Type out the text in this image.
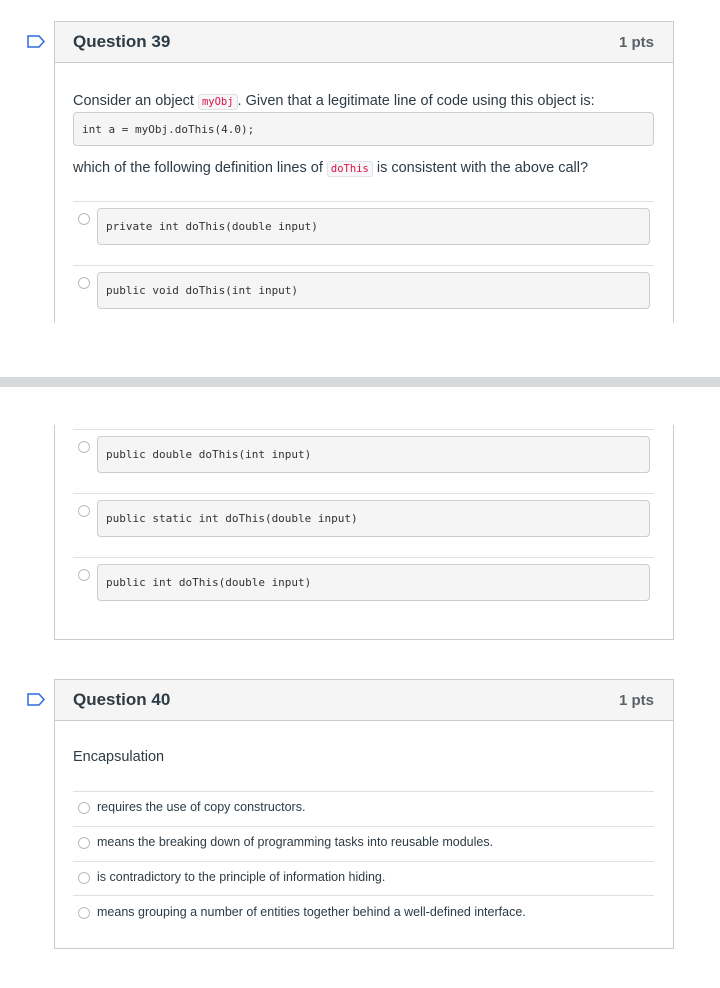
Question 39	1 pts
Consider an object myObj . Given that a legitimate line of code using this object is:
int a = myObj.doThis(4.0);
which of the following definition lines of doThis is consistent with the above call?
private int doThis(double input)
public void doThis(int input)
public double doThis(int input)
public static int doThis(double input)
public int doThis(double input)
Question 40	1 pts
Encapsulation
requires the use of copy constructors.
means the breaking down of programming tasks into reusable modules.
is contradictory to the principle of information hiding.
means grouping a number of entities together behind a well-defined interface.
